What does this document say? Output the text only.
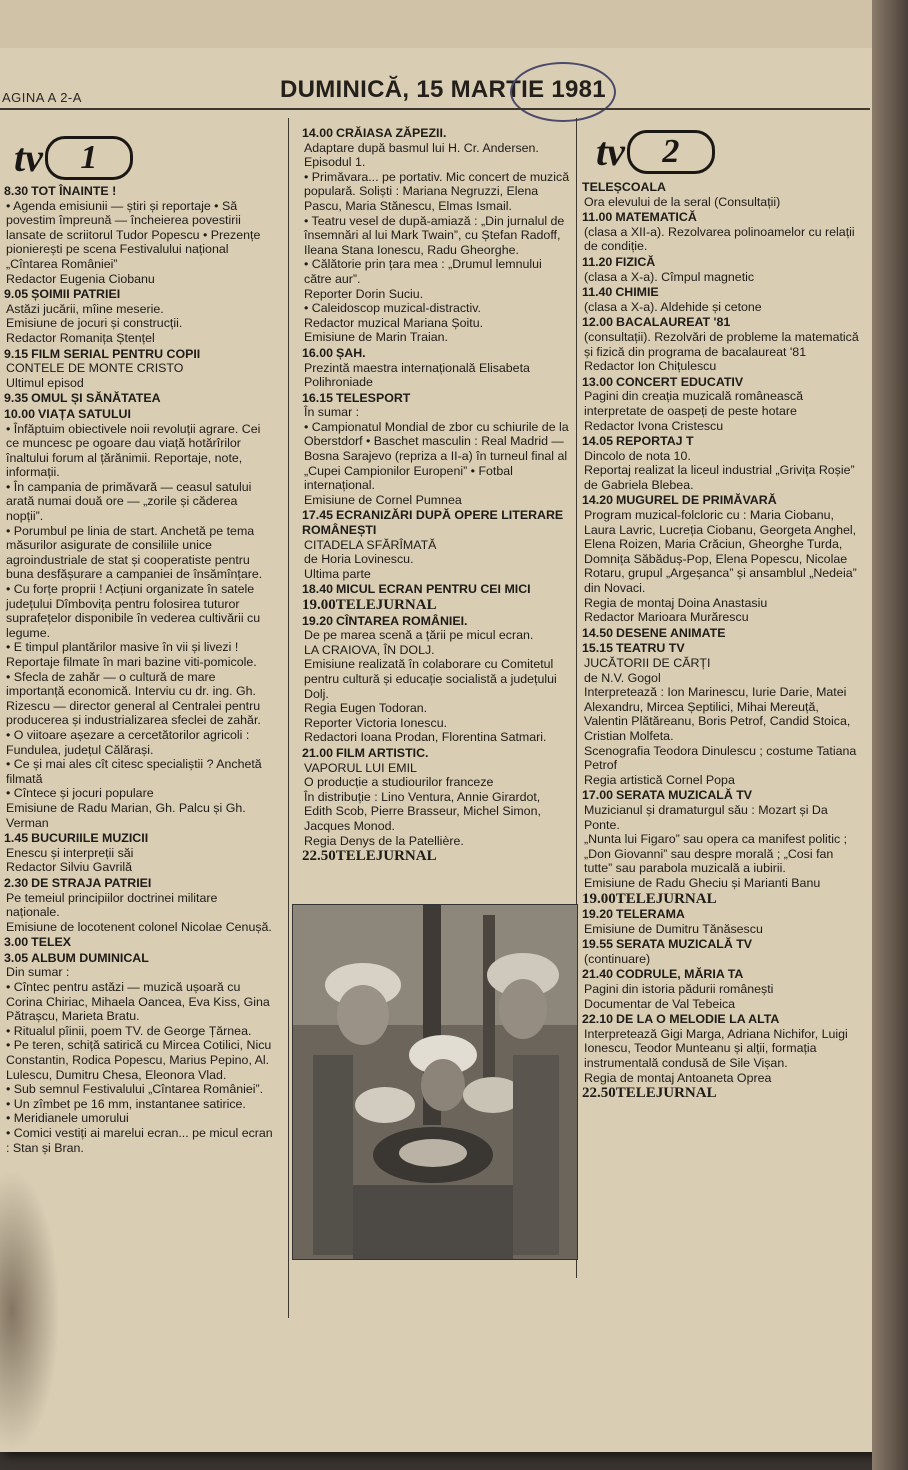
AGINA A 2-A	DUMINICĂ, 15 MARTIE 1981
tv	1	tv	2
8.30 TOT ÎNAINTE !
• Agenda emisiunii — știri și reportaje • Să povestim împreună — încheierea povestirii lansate de scriitorul Tudor Popescu • Prezențe pionierești pe scena Festivalului național „Cîntarea României”
Redactor Eugenia Ciobanu
9.05 ȘOIMII PATRIEI
Astăzi jucării, mîine meserie.
Emisiune de jocuri și construcții.
Redactor Romanița Ștențel
9.15 FILM SERIAL PENTRU COPII
CONTELE DE MONTE CRISTO
Ultimul episod
9.35 OMUL ȘI SĂNĂTATEA
10.00 VIAȚA SATULUI
• Înfăptuim obiectivele noii revoluții agrare. Cei ce muncesc pe ogoare dau viață hotărîrilor înaltului forum al țărănimii. Reportaje, note, informații.
• În campania de primăvară — ceasul satului arată numai două ore — „zorile și căderea nopții”.
• Porumbul pe linia de start. Anchetă pe tema măsurilor asigurate de consiliile unice agroindustriale de stat și cooperatiste pentru buna desfășurare a campaniei de însămînțare.
• Cu forțe proprii ! Acțiuni organizate în satele județului Dîmbovița pentru folosirea tuturor suprafețelor disponibile în vederea cultivării cu legume.
• E timpul plantărilor masive în vii și livezi ! Reportaje filmate în mari bazine viti-pomicole.
• Sfecla de zahăr — o cultură de mare importanță economică. Interviu cu dr. ing. Gh. Rizescu — director general al Centralei pentru producerea și industrializarea sfeclei de zahăr.
• O viitoare așezare a cercetătorilor agricoli : Fundulea, județul Călărași.
• Ce și mai ales cît citesc specialiștii ? Anchetă filmată
• Cîntece și jocuri populare
Emisiune de Radu Marian, Gh. Palcu și Gh. Verman
1.45 BUCURIILE MUZICII
Enescu și interpreții săi
Redactor Silviu Gavrilă
2.30 DE STRAJA PATRIEI
Pe temeiul principiilor doctrinei militare naționale.
Emisiune de locotenent colonel Nicolae Cenușă.
3.00 TELEX
3.05 ALBUM DUMINICAL
Din sumar :
• Cîntec pentru astăzi — muzică ușoară cu Corina Chiriac, Mihaela Oancea, Eva Kiss, Gina Pătrașcu, Marieta Bratu.
• Ritualul pîinii, poem TV. de George Țărnea.
• Pe teren, schiță satirică cu Mircea Cotilici, Nicu Constantin, Rodica Popescu, Marius Pepino, Al. Lulescu, Dumitru Chesa, Eleonora Vlad.
• Sub semnul Festivalului „Cîntarea României”.
• Un zîmbet pe 16 mm, instantanee satirice.
• Meridianele umorului
• Comici vestiți ai marelui ecran... pe micul ecran : Stan și Bran.
14.00 CRĂIASA ZĂPEZII.
Adaptare după basmul lui H. Cr. Andersen. Episodul 1.
• Primăvara... pe portativ. Mic concert de muzică populară. Soliști : Mariana Negruzzi, Elena Pascu, Maria Stănescu, Elmas Ismail.
• Teatru vesel de după-amiază : „Din jurnalul de însemnări al lui Mark Twain”, cu Ștefan Radoff, Ileana Stana Ionescu, Radu Gheorghe.
• Călătorie prin țara mea : „Drumul lemnului către aur”.
Reporter Dorin Suciu.
• Caleidoscop muzical-distractiv.
Redactor muzical Mariana Șoitu.
Emisiune de Marin Traian.
16.00 ȘAH.
Prezintă maestra internațională Elisabeta Polihroniade
16.15 TELESPORT
În sumar :
• Campionatul Mondial de zbor cu schiurile de la Oberstdorf • Baschet masculin : Real Madrid — Bosna Sarajevo (repriza a II-a) în turneul final al „Cupei Campionilor Europeni” • Fotbal internațional.
Emisiune de Cornel Pumnea
17.45 ECRANIZĂRI DUPĂ OPERE LITERARE ROMÂNEȘTI
CITADELA SFĂRÎMATĂ
de Horia Lovinescu.
Ultima parte
18.40 MICUL ECRAN PENTRU CEI MICI
19.00TELEJURNAL
19.20 CÎNTAREA ROMÂNIEI.
De pe marea scenă a țării pe micul ecran.
LA CRAIOVA, ÎN DOLJ.
Emisiune realizată în colaborare cu Comitetul pentru cultură și educație socialistă a județului Dolj.
Regia Eugen Todoran.
Reporter Victoria Ionescu.
Redactori Ioana Prodan, Florentina Satmari.
21.00 FILM ARTISTIC.
VAPORUL LUI EMIL
O producție a studiourilor franceze
În distribuție : Lino Ventura, Annie Girardot, Edith Scob, Pierre Brasseur, Michel Simon, Jacques Monod.
Regia Denys de la Patellière.
22.50TELEJURNAL
TELEȘCOALA
Ora elevului de la seral (Consultații)
11.00 MATEMATICĂ
(clasa a XII-a). Rezolvarea polinoamelor cu relații de condiție.
11.20 FIZICĂ
(clasa a X-a). Cîmpul magnetic
11.40 CHIMIE
(clasa a X-a). Aldehide și cetone
12.00 BACALAUREAT '81
(consultații). Rezolvări de probleme la matematică și fizică din programa de bacalaureat '81
Redactor Ion Chițulescu
13.00 CONCERT EDUCATIV
Pagini din creația muzicală românească interpretate de oaspeți de peste hotare
Redactor Ivona Cristescu
14.05 REPORTAJ T
Dincolo de nota 10.
Reportaj realizat la liceul industrial „Grivița Roșie” de Gabriela Blebea.
14.20 MUGUREL DE PRIMĂVARĂ
Program muzical-folcloric cu : Maria Ciobanu, Laura Lavric, Lucreția Ciobanu, Georgeta Anghel, Elena Roizen, Maria Crăciun, Gheorghe Turda, Domnița Săbăduș-Pop, Elena Popescu, Nicolae Rotaru, grupul „Argeșanca” și ansamblul „Nedeia” din Novaci.
Regia de montaj Doina Anastasiu
Redactor Marioara Murărescu
14.50 DESENE ANIMATE
15.15 TEATRU TV
JUCĂTORII DE CĂRȚI
de N.V. Gogol
Interpretează : Ion Marinescu, Iurie Darie, Matei Alexandru, Mircea Șeptilici, Mihai Mereuță, Valentin Plătăreanu, Boris Petrof, Candid Stoica, Cristian Molfeta.
Scenografia Teodora Dinulescu ; costume Tatiana Petrof
Regia artistică Cornel Popa
17.00 SERATA MUZICALĂ TV
Muzicianul și dramaturgul său : Mozart și Da Ponte.
„Nunta lui Figaro” sau opera ca manifest politic ; „Don Giovanni” sau despre morală ; „Cosi fan tutte” sau parabola muzicală a iubirii.
Emisiune de Radu Gheciu și Marianti Banu
19.00TELEJURNAL
19.20 TELERAMA
Emisiune de Dumitru Tănăsescu
19.55 SERATA MUZICALĂ TV
(continuare)
21.40 CODRULE, MĂRIA TA
Pagini din istoria pădurii românești
Documentar de Val Tebeica
22.10 DE LA O MELODIE LA ALTA
Interpretează Gigi Marga, Adriana Nichifor, Luigi Ionescu, Teodor Munteanu și alții, formația instrumentală condusă de Sile Vișan.
Regia de montaj Antoaneta Oprea
22.50TELEJURNAL
